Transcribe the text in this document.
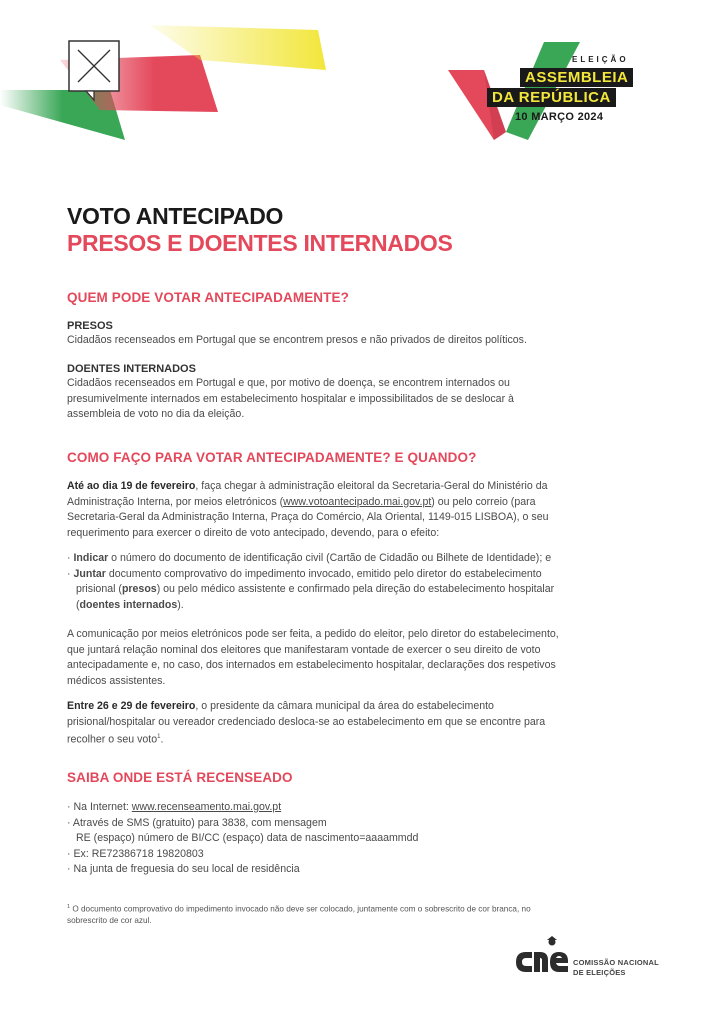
ELEIÇÃO
ASSEMBLEIA
DA REPÚBLICA
10 MARÇO 2024
VOTO ANTECIPADO
PRESOS E DOENTES INTERNADOS
QUEM PODE VOTAR ANTECIPADAMENTE?
PRESOS
Cidadãos recenseados em Portugal que se encontrem presos e não privados de direitos políticos.
DOENTES INTERNADOS
Cidadãos recenseados em Portugal e que, por motivo de doença, se encontrem internados ou
presumivelmente internados em estabelecimento hospitalar e impossibilitados de se deslocar à
assembleia de voto no dia da eleição.
COMO FAÇO PARA VOTAR ANTECIPADAMENTE? E QUANDO?
Até ao dia 19 de fevereiro, faça chegar à administração eleitoral da Secretaria-Geral do Ministério da
Administração Interna, por meios eletrónicos (www.votoantecipado.mai.gov.pt) ou pelo correio (para
Secretaria-Geral da Administração Interna, Praça do Comércio, Ala Oriental, 1149-015 LISBOA), o seu
requerimento para exercer o direito de voto antecipado, devendo, para o efeito:
· Indicar o número do documento de identificação civil (Cartão de Cidadão ou Bilhete de Identidade); e
· Juntar documento comprovativo do impedimento invocado, emitido pelo diretor do estabelecimento
prisional (presos) ou pelo médico assistente e confirmado pela direção do estabelecimento hospitalar
(doentes internados).
A comunicação por meios eletrónicos pode ser feita, a pedido do eleitor, pelo diretor do estabelecimento,
que juntará relação nominal dos eleitores que manifestaram vontade de exercer o seu direito de voto
antecipadamente e, no caso, dos internados em estabelecimento hospitalar, declarações dos respetivos
médicos assistentes.
Entre 26 e 29 de fevereiro, o presidente da câmara municipal da área do estabelecimento
prisional/hospitalar ou vereador credenciado desloca-se ao estabelecimento em que se encontre para
recolher o seu voto$^1$.
SAIBA ONDE ESTÁ RECENSEADO
· Na Internet: www.recenseamento.mai.gov.pt
· Através de SMS (gratuito) para 3838, com mensagem
RE (espaço) número de BI/CC (espaço) data de nascimento=aaaammdd
· Ex: RE72386718 19820803
· Na junta de freguesia do seu local de residência
$^1$ O documento comprovativo do impedimento invocado não deve ser colocado, juntamente com o sobrescrito de cor branca, no
sobrescrito de cor azul.
COMISSÃO NACIONAL
DE ELEIÇÕES
